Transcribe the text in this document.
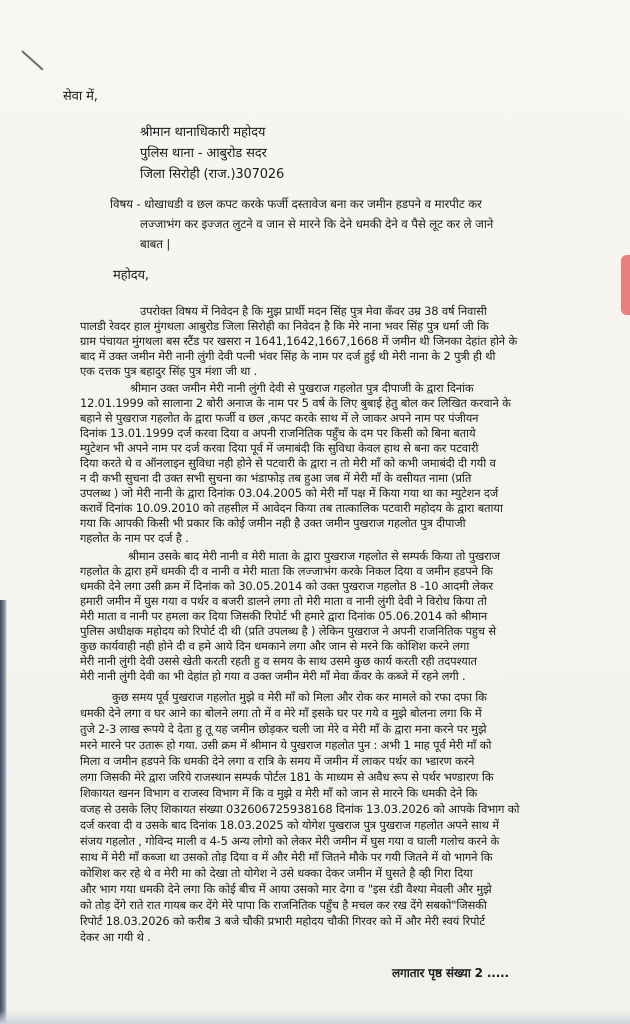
सेवा में,
श्रीमान थानाधिकारी महोदय
पुलिस थाना - आबुरोड सदर
जिला सिरोही (राज.)307026
विषय - धोखाधडी व छल कपट करके फर्जी दस्तावेज बना कर जमीन हडपने व मारपीट कर
लज्जाभंग कर इज्जत लुटने व जान से मारने कि देने धमकी देने व पैसे लूट कर ले जाने
बाबत |
महोदय,
उपरोक्त विषय में निवेदन है कि मुझ प्रार्थी मदन सिंह पुत्र मेवा कँवर उम्र 38 वर्ष निवासी
पालडी रेवदर हाल मुंगथला आबुरोड जिला सिरोही का निवेदन है कि मेरे नाना भवर सिंह पुत्र धर्मा जी कि
ग्राम पंचायत मुंगथला बस स्टैंड पर खसरा न 1641,1642,1667,1668 में जमीन थी जिनका देहांत होने के
बाद में उक्त जमीन मेरी नानी लुंगी देवी पत्नी भंवर सिंह के नाम पर दर्ज हुई थी मेरी नाना के 2 पुत्री ही थी
एक दत्तक पुत्र बहादुर सिंह पुत्र मंशा जी था .
श्रीमान उक्त जमीन मेरी नानी लुंगी देवी से पुखराज गहलोत पुत्र दीपाजी के द्वारा दिनांक
12.01.1999 को सालाना 2 बोरी अनाज के नाम पर 5 वर्ष के लिए बुबाई हेतु बोल कर लिखित करवाने के
बहाने से पुखराज गहलोत के द्वारा फर्जी व छल ,कपट करके साथ में ले जाकर अपने नाम पर पंजीयन
दिनांक 13.01.1999 दर्ज करवा दिया व अपनी राजनितिक पहुँच के दम पर किसी को बिना बताये
म्युटेशन भी अपने नाम पर दर्ज करवा दिया पूर्व में जमाबंदी कि सुविधा केवल हाथ से बना कर पटवारी
दिया करते थे व ऑनलाइन सुविधा नही होने से पटवारी के द्वारा न तो मेरी माँ को कभी जमाबंदी दी गयी व
न दी कभी सुचना दी उक्त सभी सुचना का भंडाफोड़ तब हुआ जब में मेरी माँ के वसीयत नामा (प्रति
उपलब्ध ) जो मेरी नानी के द्वारा दिनांक 03.04.2005 को मेरी माँ पक्ष में किया गया था का म्युटेशन दर्ज
करावें दिनांक 10.09.2010 को तहसील में आवेदन किया तब तात्कालिक पटवारी महोदय के द्वारा बताया
गया कि आपकी किसी भी प्रकार कि कोई जमीन नही है उक्त जमीन पुखराज गहलोत पुत्र दीपाजी
गहलोत के नाम पर दर्ज है .
श्रीमान उसके बाद मेरी नानी व मेरी माता के द्वारा पुखराज गहलोत से सम्पर्क किया तो पुखराज
गहलोत के द्वारा हमें धमकी दी व नानी व मेरी माता कि लज्जाभंग करके निकल दिया व जमीन हडपने कि
धमकी देने लगा उसी क्रम में दिनांक को 30.05.2014 को उक्त पुखराज गहलोत 8 -10 आदमी लेकर
हमारी जमीन में घुस गया व पर्थर व बजरी डालने लगा तो मेरी माता व नानी लुंगी देवी ने विरोध किया तो
मेरी माता व नानी पर हमला कर दिया जिसकी रिपोर्ट भी हमारे द्वारा दिनांक 05.06.2014 को श्रीमान
पुलिस अधीक्षक महोदय को रिपोर्ट दी थी (प्रति उपलब्ध है ) लेकिन पुखराज ने अपनी राजनितिक पहुच से
कुछ कार्यवाही नही होने दी व हमे आये दिन धमकाने लगा और जान से मरने कि कोशिश करने लगा
मेरी नानी लुंगी देवी उससे खेती करती रहती हु व समय के साथ उसमे कुछ कार्य करती रही तदपश्यात
मेरी नानी लुंगी देवी का भी देहांत हो गया व उक्त जमीन मेरी माँ मेवा कँवर के कब्जे में रहने लगी .
कुछ समय पूर्व पुखराज गहलोत मुझे व मेरी माँ को मिला और रोक कर मामले को रफा दफा कि
धमकी देने लगा व घर आने का बोलने लगा तो में व मेरे माँ इसके घर पर गये व मुझे बोलना लगा कि में
तुजे 2-3 लाख रूपये दे देता हु तू यह जमीन छोड़कर चली जा मेरे व मेरी माँ के द्वारा मना करने पर मुझे
मरने मारने पर उतारू हो गया. उसी क्रम में श्रीमान ये पुखराज गहलोत पुन : अभी 1 माह पूर्व मेरी माँ को
मिला व जमीन हडपने कि धमकी देने लगा व रात्रि के समय में जमीन में लाकर पर्थर का भ्डारण करने
लगा जिसकी मेरे द्वारा जरिये राजस्थान सम्पर्क पोर्टल 181 के माध्यम से अवैध रूप से पर्थर भण्डारण कि
शिकायत खनन विभाग व राजस्व विभाग में कि व मुझे व मेरी माँ को जान से मारने कि धमकी देने कि
वजह से उसके लिए शिकायत संख्या 032606725938168 दिनांक 13.03.2026 को आपके विभाग को
दर्ज करवा दी व उसके बाद दिनांक 18.03.2025 को योगेश पुखराज पुत्र पुखराज गहलोत अपने साथ में
संजय गहलोत , गोविन्द माली व 4-5 अन्य लोगो को लेकर मेरी जमीन में घुस गया व घाली गलोच करने के
साथ में मेरी माँ कब्जा था उसको तोड़ दिया व में और मेरी माँ जितने मौके पर गयी जितने में वो भागने कि
कोशिश कर रहे थे व मेरी मा को देखा तो योगेश ने उसे धक्का देकर जमीन में घुसते है व्ही गिरा दिया
और भाग गया धमकी देने लगा कि कोई बीच में आया उसको मार देगा व "इस रंडी वैश्या मेवली और मुझे
को तोड़ देंगे राते रात गायब कर देंगे मेरे पापा कि राजनितिक पहुँच है मचल कर रख देंगे सबको"जिसकी
रिपोर्ट 18.03.2026 को करीब 3 बजे चौकी प्रभारी महोदय चौकी गिरवर को में और मेरी स्वयं रिपोर्ट
देकर आ गयी थे .
लगातार पृष्ठ संख्या 2 .....
